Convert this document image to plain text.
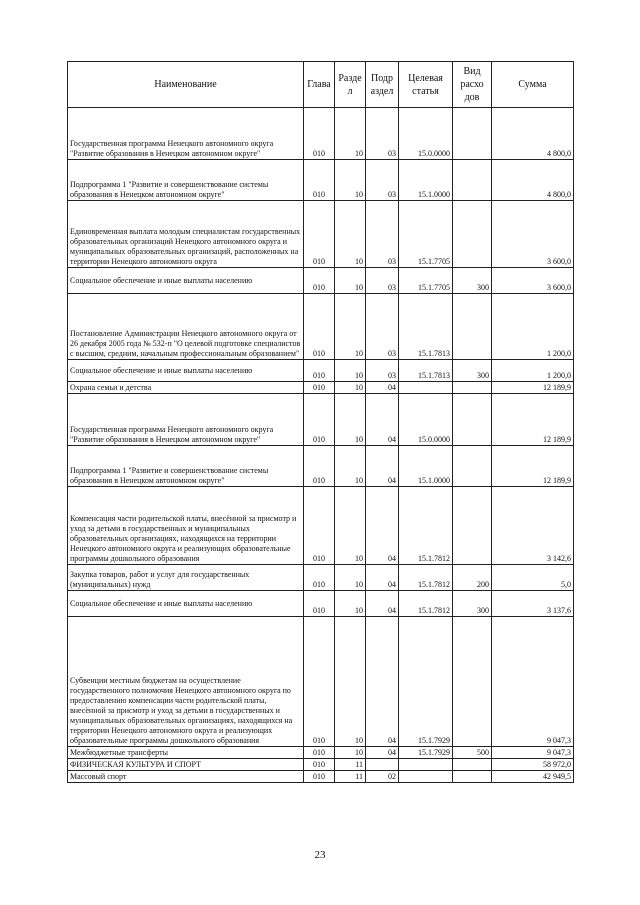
Наименование	Глава	Разде л	Подр аздел	Целевая статья	Вид расхо дов	Сумма
Государственная программа Ненецкого автономного округа "Развитие образования в Ненецком автономном округе"	010	10	03	15.0.0000		4 800,0
Подпрограмма 1 "Развитие и совершенствование системы образования в Ненецком автономном округе"	010	10	03	15.1.0000		4 800,0
Единовременная выплата молодым специалистам государственных образовательных организаций Ненецкого автономного округа и муниципальных образовательных организаций, расположенных на территории Ненецкого автономного округа	010	10	03	15.1.7705		3 600,0
Социальное обеспечение и иные выплаты населению	010	10	03	15.1.7705	300	3 600,0
Постановление Администрации Ненецкого автономного округа от 26 декабря 2005 года № 532-п "О целевой подготовке специалистов с высшим, средним, начальным профессиональным образованием"	010	10	03	15.1.7813		1 200,0
Социальное обеспечение и иные выплаты населению	010	10	03	15.1.7813	300	1 200,0
Охрана семьи и детства	010	10	04			12 189,9
Государственная программа Ненецкого автономного округа "Развитие образования в Ненецком автономном округе"	010	10	04	15.0.0000		12 189,9
Подпрограмма 1 "Развитие и совершенствование системы образования в Ненецком автономном округе"	010	10	04	15.1.0000		12 189,9
Компенсация части родительской платы, внесённой за присмотр и уход за детьми в государственных и муниципальных образовательных организациях, находящихся на территории Ненецкого автономного округа и реализующих образовательные программы дошкольного образования	010	10	04	15.1.7812		3 142,6
Закупка товаров, работ и услуг для государственных (муниципальных) нужд	010	10	04	15.1.7812	200	5,0
Социальное обеспечение и иные выплаты населению	010	10	04	15.1.7812	300	3 137,6
Субвенции местным бюджетам на осуществление государственного полномочия Ненецкого автономного округа по предоставлению компенсации части родительской платы, внесённой за присмотр и уход за детьми в государственных и муниципальных образовательных организациях, находящихся на территории Ненецкого автономного округа и реализующих образовательные программы дошкольного образования	010	10	04	15.1.7929		9 047,3
Межбюджетные трансферты	010	10	04	15.1.7929	500	9 047,3
ФИЗИЧЕСКАЯ КУЛЬТУРА И СПОРТ	010	11				58 972,0
Массовый спорт	010	11	02			42 949,5
23
